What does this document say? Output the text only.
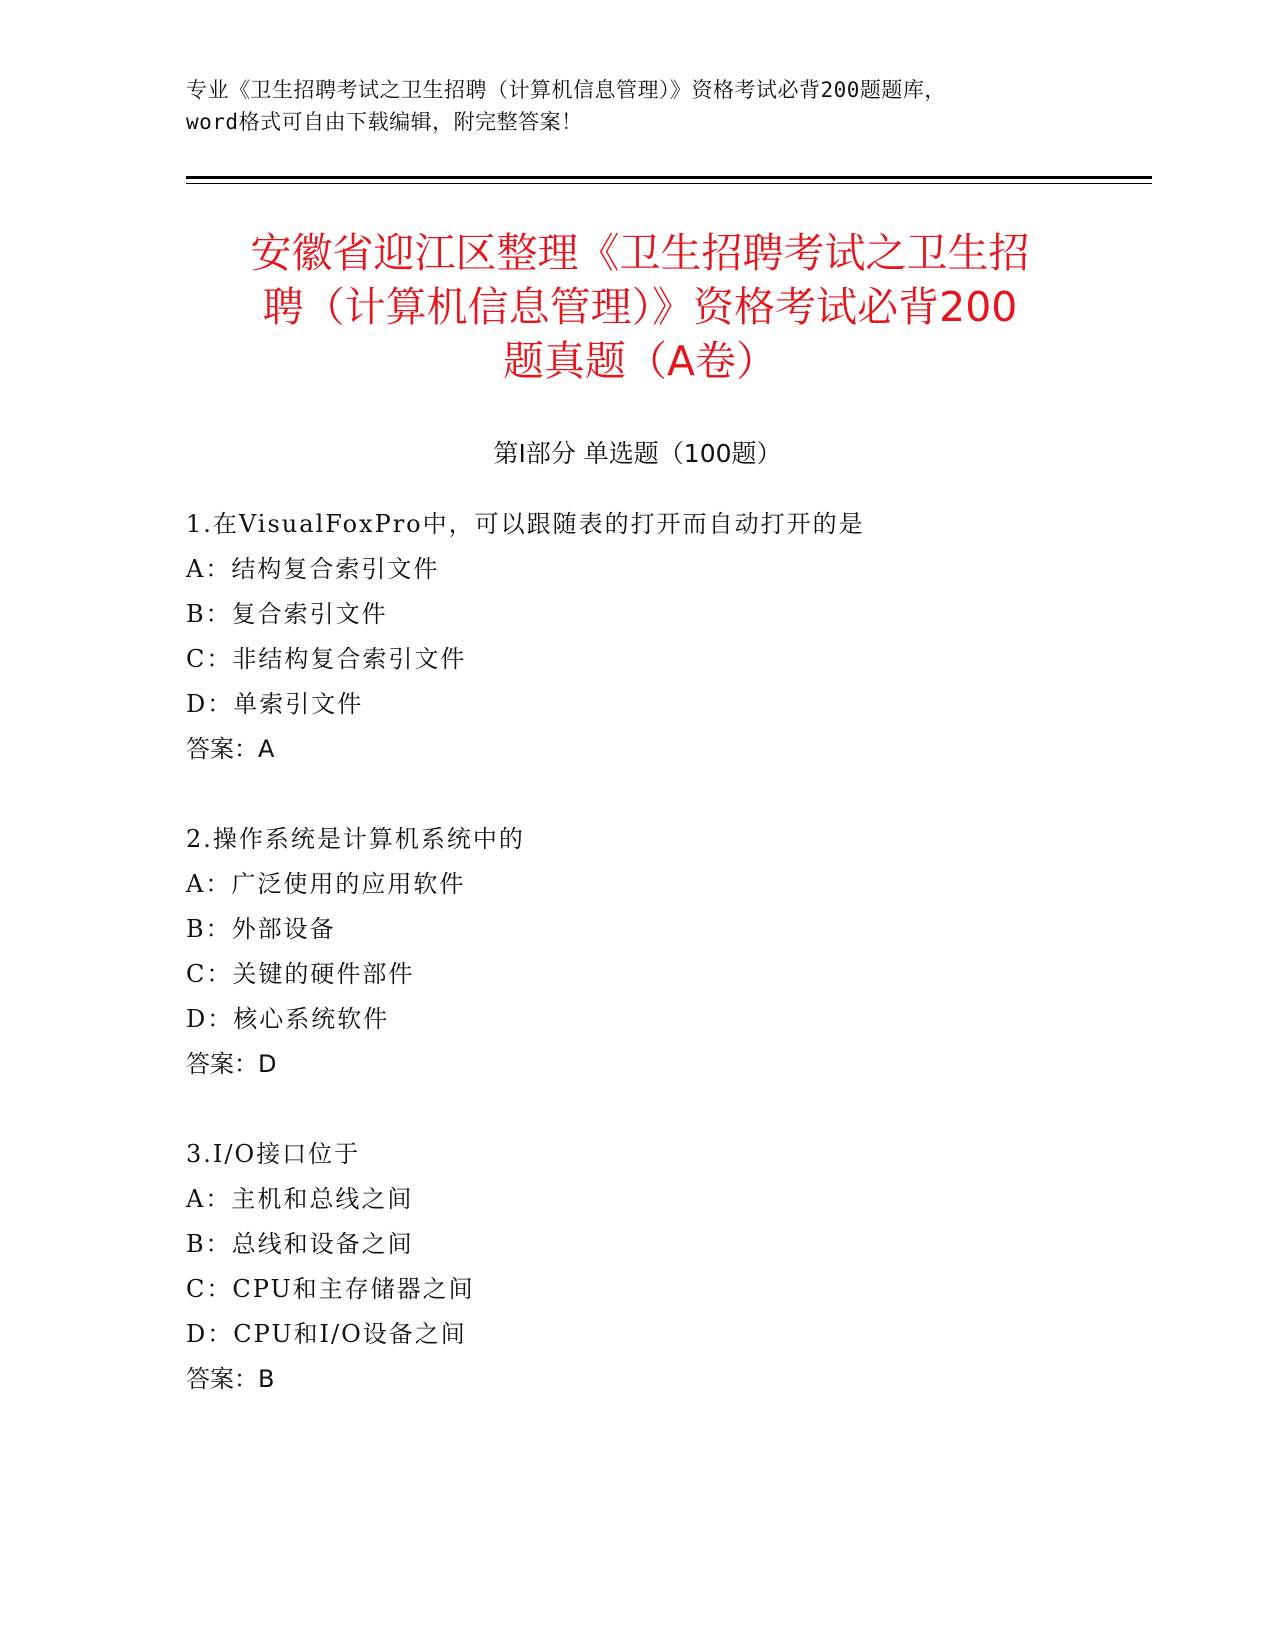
专业《卫生招聘考试之卫生招聘（计算机信息管理）》资格考试必背200题题库，
word格式可自由下载编辑，附完整答案！
安徽省迎江区整理《卫生招聘考试之卫生招
聘（计算机信息管理）》资格考试必背200
题真题（A卷）
第I部分 单选题（100题）
1.在VisualFoxPro中，可以跟随表的打开而自动打开的是
A：结构复合索引文件
B：复合索引文件
C：非结构复合索引文件
D：单索引文件
答案：A
2.操作系统是计算机系统中的
A：广泛使用的应用软件
B：外部设备
C：关键的硬件部件
D：核心系统软件
答案：D
3.I/O接口位于
A：主机和总线之间
B：总线和设备之间
C：CPU和主存储器之间
D：CPU和I/O设备之间
答案：B
